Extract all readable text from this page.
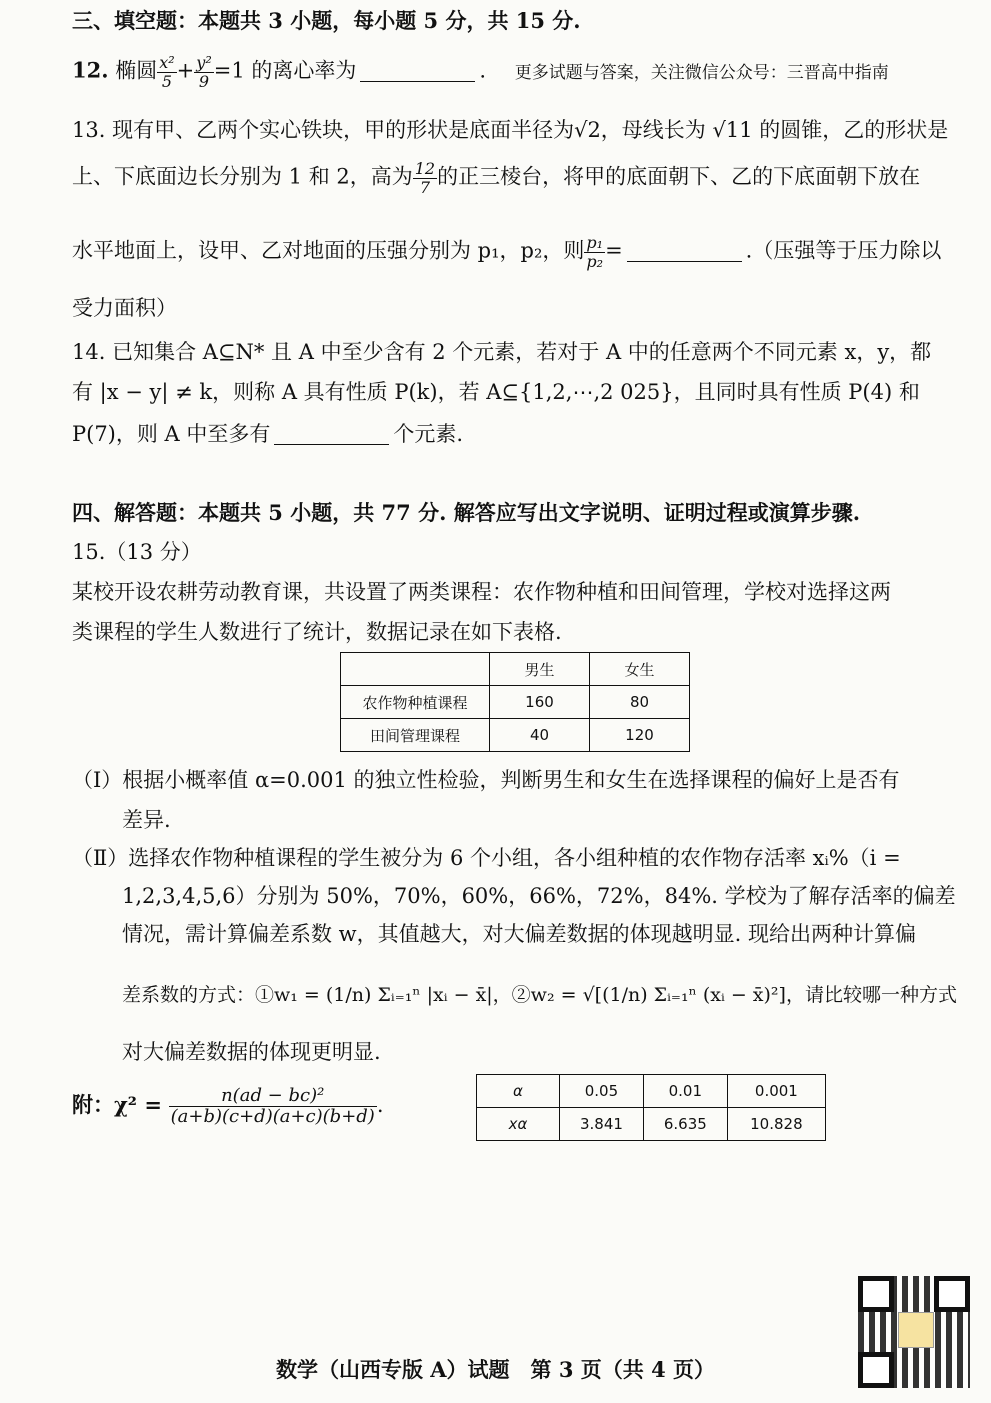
三、填空题：本题共 3 小题，每小题 5 分，共 15 分.
12. 椭圆 $\frac{\text{x²}}{5} + \frac{\text{y²}}{9} =1$ 的离心率为	. 更多试题与答案，关注微信公众号：三晋高中指南
13. 现有甲、乙两个实心铁块，甲的形状是底面半径为√2，母线长为 √11 的圆锥，乙的形状是
上、下底面边长分别为 1 和 2，高为 $\frac{12}{7}$ 的正三棱台，将甲的底面朝下、乙的下底面朝下放在
水平地面上，设甲、乙对地面的压强分别为 p₁，p₂，则 $\frac{\text{p₁}}{\text{p₂}}$ =	.（压强等于压力除以
受力面积）
14. 已知集合 A⊆N* 且 A 中至少含有 2 个元素，若对于 A 中的任意两个不同元素 x，y，都
有 |x − y| ≠ k，则称 A 具有性质 P(k)，若 A⊆{1,2,⋯,2 025}，且同时具有性质 P(4) 和
P(7)，则 A 中至多有	个元素.
四、解答题：本题共 5 小题，共 77 分. 解答应写出文字说明、证明过程或演算步骤.
15.（13 分）
某校开设农耕劳动教育课，共设置了两类课程：农作物种植和田间管理，学校对选择这两
类课程的学生人数进行了统计，数据记录在如下表格.
	男生	女生
农作物种植课程	160	80
田间管理课程	40	120
（Ⅰ）根据小概率值 α=0.001 的独立性检验，判断男生和女生在选择课程的偏好上是否有
差异.
（Ⅱ）选择农作物种植课程的学生被分为 6 个小组，各小组种植的农作物存活率 xᵢ%（i =
1,2,3,4,5,6）分别为 50%，70%，60%，66%，72%，84%. 学校为了解存活率的偏差
情况，需计算偏差系数 w，其值越大，对大偏差数据的体现越明显. 现给出两种计算偏
差系数的方式：①w₁ = (1/n) Σᵢ₌₁ⁿ |xᵢ − x̄|，②w₂ = √[(1/n) Σᵢ₌₁ⁿ (xᵢ − x̄)²]，请比较哪一种方式
对大偏差数据的体现更明显.
附：$\chi^2 = \frac{\text{n(ad − bc)²}}{(a+b)(c+d)(a+c)(b+d)}$ .
α	0.05	0.01	0.001
xα	3.841	6.635	10.828
数学（山西专版 A）试题　第 3 页（共 4 页）
